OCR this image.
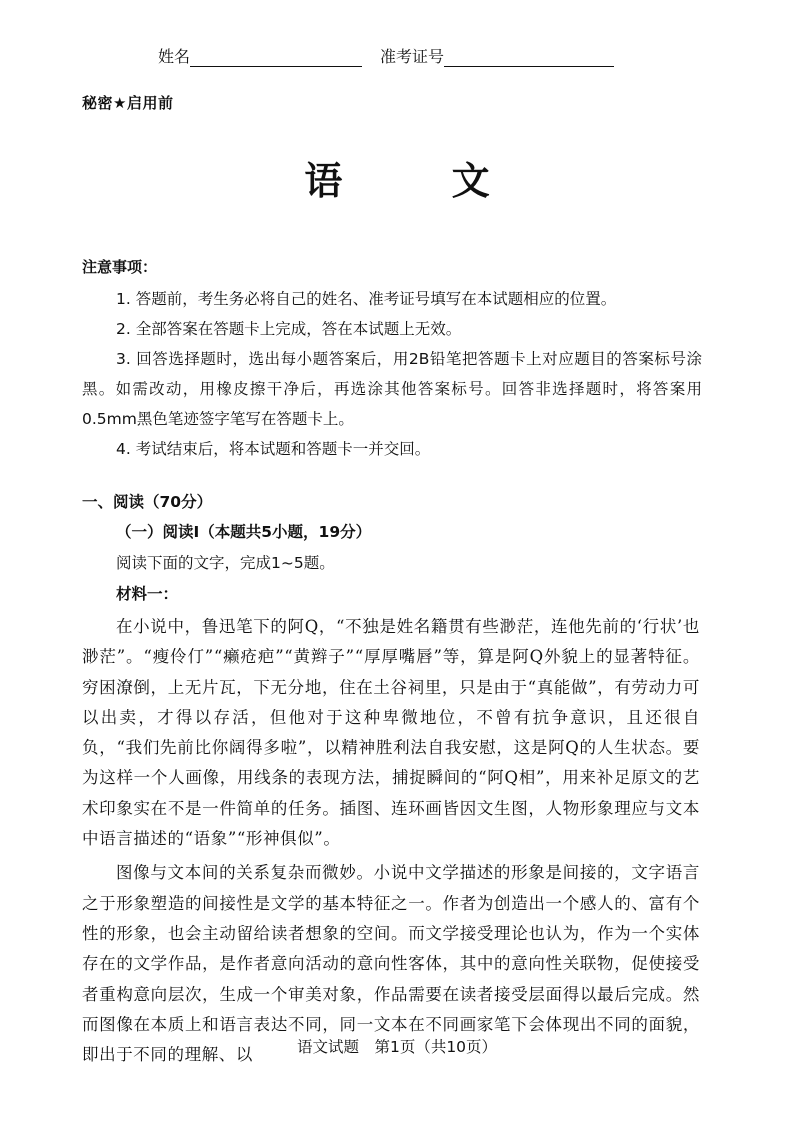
姓名	准考证号
秘密★启用前
语 文
注意事项：

1. 答题前，考生务必将自己的姓名、准考证号填写在本试题相应的位置。

2. 全部答案在答题卡上完成，答在本试题上无效。

3. 回答选择题时，选出每小题答案后，用2B铅笔把答题卡上对应题目的答案标号涂黑。如需改动，用橡皮擦干净后，再选涂其他答案标号。回答非选择题时，将答案用0.5mm黑色笔迹签字笔写在答题卡上。

4. 考试结束后，将本试题和答题卡一并交回。

一、阅读（70分）
（一）阅读Ⅰ（本题共5小题，19分）
阅读下面的文字，完成1~5题。
材料一：

在小说中，鲁迅笔下的阿Q，“不独是姓名籍贯有些渺茫，连他先前的‘行状’也渺茫”。“瘦伶仃”“癞疮疤”“黄辫子”“厚厚嘴唇”等，算是阿Q外貌上的显著特征。穷困潦倒，上无片瓦，下无分地，住在土谷祠里，只是由于“真能做”，有劳动力可以出卖，才得以存活，但他对于这种卑微地位，不曾有抗争意识，且还很自负，“我们先前比你阔得多啦”，以精神胜利法自我安慰，这是阿Q的人生状态。要为这样一个人画像，用线条的表现方法，捕捉瞬间的“阿Q相”，用来补足原文的艺术印象实在不是一件简单的任务。插图、连环画皆因文生图，人物形象理应与文本中语言描述的“语象”“形神俱似”。

图像与文本间的关系复杂而微妙。小说中文学描述的形象是间接的，文字语言之于形象塑造的间接性是文学的基本特征之一。作者为创造出一个感人的、富有个性的形象，也会主动留给读者想象的空间。而文学接受理论也认为，作为一个实体存在的文学作品，是作者意向活动的意向性客体，其中的意向性关联物，促使接受者重构意向层次，生成一个审美对象，作品需要在读者接受层面得以最后完成。然而图像在本质上和语言表达不同，同一文本在不同画家笔下会体现出不同的面貌，即出于不同的理解、以	语文试题　第1页（共10页）
